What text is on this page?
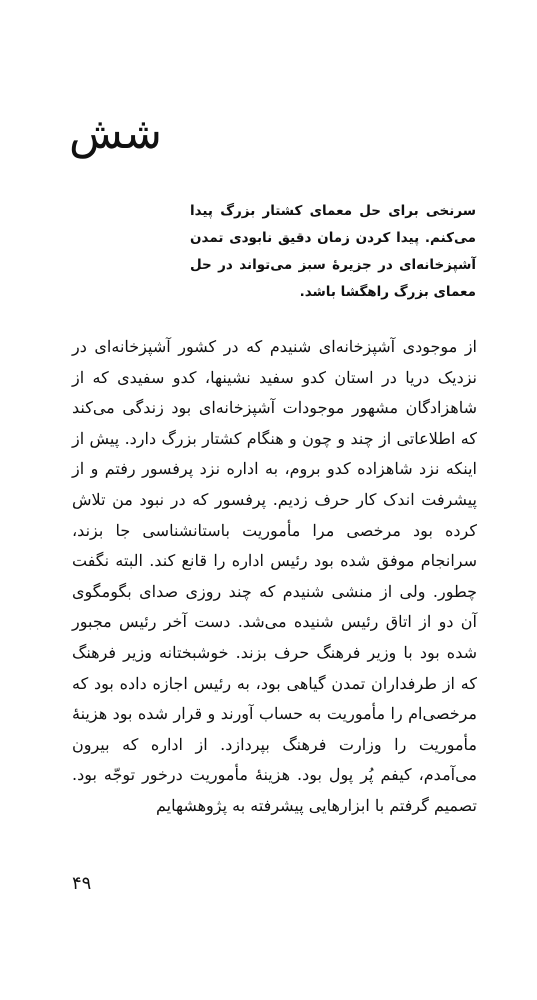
شش

سرنخی برای حل معمای کشتار بزرگ پیدا می‌کنم. پیدا کردن زمان دقیق نابودی تمدن آشپزخانه‌ای در جزیرهٔ سبز می‌تواند در حل معمای بزرگ راهگشا باشد.

از موجودی آشپزخانه‌ای شنیدم که در کشور آشپزخانه‌ای در نزدیک دریا در استان کدو سفید نشینها، کدو سفیدی که از شاهزادگان مشهور موجودات آشپزخانه‌ای بود زندگی می‌کند که اطلاعاتی از چند و چون و هنگام کشتار بزرگ دارد. پیش از اینکه نزد شاهزاده کدو بروم، به اداره نزد پرفسور رفتم و از پیشرفت اندک کار حرف زدیم. پرفسور که در نبود من تلاش کرده بود مرخصی مرا مأموریت باستانشناسی جا بزند، سرانجام موفق شده بود رئیس اداره را قانع کند. البته نگفت چطور. ولی از منشی شنیدم که چند روزی صدای بگومگوی آن دو از اتاق رئیس شنیده می‌شد. دست آخر رئیس مجبور شده بود با وزیر فرهنگ حرف بزند. خوشبختانه وزیر فرهنگ که از طرفداران تمدن گیاهی بود، به رئیس اجازه داده بود که مرخصی‌ام را مأموریت به حساب آورند و قرار شده بود هزینهٔ مأموریت را وزارت فرهنگ بپردازد. از اداره که بیرون می‌آمدم، کیفم پُر پول بود. هزینهٔ مأموریت درخور توجّه بود. تصمیم گرفتم با ابزارهایی پیشرفته به پژوهشهایم

۴۹
